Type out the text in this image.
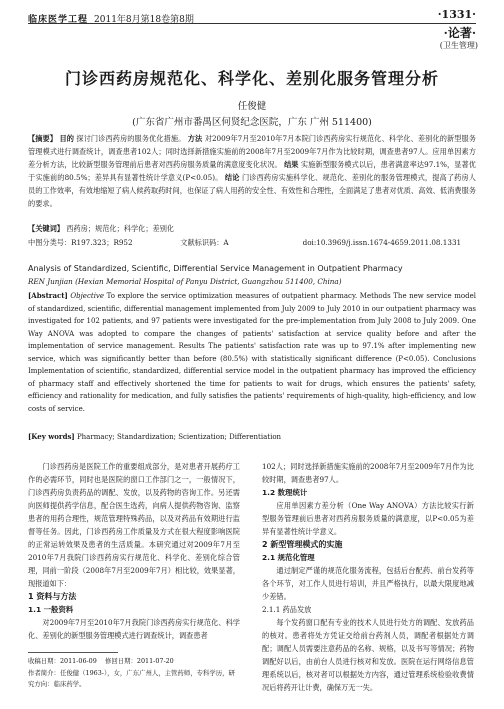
临床医学工程 2011年8月第18卷第8期	·1331·
·论著·
(卫生管理)
门诊西药房规范化、科学化、差别化服务管理分析
任俊健
(广东省广州市番禺区何贤纪念医院，广东 广州 511400)
【摘要】 目的 探讨门诊西药房的服务优化措施。 方法 对2009年7月至2010年7月本院门诊西药房实行规范化、科学化、差别化的新型服务管理模式进行调查统计，调查患者102人；同时选择新措施实施前的2008年7月至2009年7月作为比较时期，调查患者97人。应用单因素方差分析方法，比较新型服务管理前后患者对西药房服务质量的满意度变化状况。 结果 实施新型服务模式以后，患者满意率达97.1%，显著优于实施前的80.5%；差异具有显著性统计学意义(P<0.05)。 结论 门诊西药房实施科学化、规范化、差别化的服务管理模式，提高了药房人员的工作效率，有效地缩短了病人候药取药时间，也保证了病人用药的安全性、有效性和合理性，全面满足了患者对优质、高效、低消费服务的要求。
【关键词】 西药房；规范化；科学化；差别化
中图分类号：R197.323；R952	文献标识码：A	doi:10.3969/j.issn.1674-4659.2011.08.1331
Analysis of Standardized, Scientific, Differential Service Management in Outpatient Pharmacy
REN Junjian (Hexian Memorial Hospital of Panyu District, Guangzhou 511400, China)
[Abstract] Objective To explore the service optimization measures of outpatient pharmacy. Methods The new service model of standardized, scientific, differential management implemented from July 2009 to July 2010 in our outpatient pharmacy was investigated for 102 patients, and 97 patients were investigated for the pre-implementation from July 2008 to July 2009. One Way ANOVA was adopted to compare the changes of patients' satisfaction at service quality before and after the implementation of service management. Results The patients' satisfaction rate was up to 97.1% after implementing new service, which was significantly better than before (80.5%) with statistically significant difference (P<0.05). Conclusions Implementation of scientific, standardized, differential service model in the outpatient pharmacy has improved the efficiency of pharmacy staff and effectively shortened the time for patients to wait for drugs, which ensures the patients' safety, efficiency and rationality for medication, and fully satisfies the patients' requirements of high-quality, high-efficiency, and low costs of service.
[Key words] Pharmacy; Standardization; Scientization; Differentiation

门诊西药房是医院工作的重要组成部分，是对患者开展药疗工作的必需环节，同时也是医院的窗口工作部门之一，一般情况下，门诊西药房负责药品的调配、发放，以及药物的咨询工作。另还需向医师提供药学信息，配合医生选药，向病人提供药物咨询、监察患者的用药合理性，规范管理特殊药品，以及对药品有效期进行监督等任务。因此，门诊西药房工作质量及方式在很大程度影响医院的正常运转效果及患者的生活质量。本研究通过对2009年7月至2010年7月我院门诊西药房实行规范化、科学化、差别化综合管理，同前一阶段（2008年7月至2009年7月）相比较，效果显著，现报道如下：

1 资料与方法

1.1 一般资料

对2009年7月至2010年7月我院门诊西药房实行规范化、科学化、差别化的新型服务管理模式进行调查统计，调查患者

102人；同时选择新措施实施前的2008年7月至2009年7月作为比较时期，调查患者97人。

1.2 数理统计

应用单因素方差分析（One Way ANOVA）方法比较实行新型服务管理前后患者对西药房服务质量的满意度，以P<0.05为差异有显著性统计学意义。

2 新型管理模式的实施

2.1 规范化管理

通过制定严谨的规范化服务流程，包括后台配药、前台发药等各个环节，对工作人员进行培训，并且严格执行，以最大限度地减少差错。

2.1.1 药品发放

每个发药窗口配有专业的技术人员进行处方的调配、发放药品的核对。患者将处方凭证交给前台药剂人员，调配者根据处方调配；调配人员需要注意药品的名称、规格，以及书写等情况；药物调配好以后，由前台人员进行核对和发放。医院在运行网络信息管理系统以后，核对者可以根据处方内容，通过管理系统检验收费情况后将药开让计费，确保万无一失。

收稿日期：2011-06-09 修回日期：2011-07-20
作者简介：任俊健（1963-），女，广东广州人，主管药师，专科学历，研究方向：临床药学。
